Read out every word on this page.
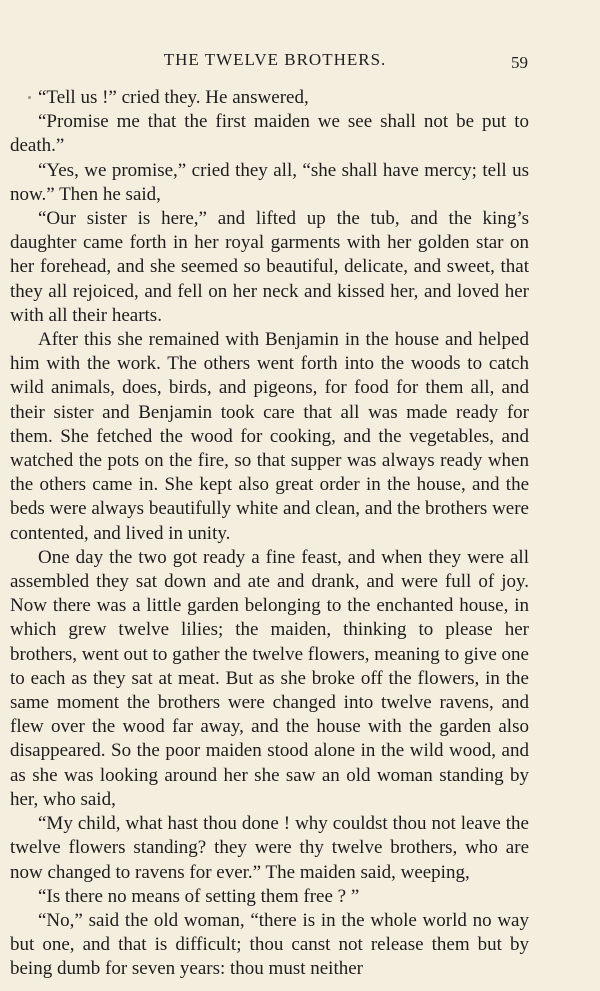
THE TWELVE BROTHERS.	59

“Tell us !” cried they. He answered,

“Promise me that the first maiden we see shall not be put to death.”

“Yes, we promise,” cried they all, “she shall have mercy; tell us now.” Then he said,

“Our sister is here,” and lifted up the tub, and the king’s daughter came forth in her royal garments with her golden star on her forehead, and she seemed so beautiful, delicate, and sweet, that they all rejoiced, and fell on her neck and kissed her, and loved her with all their hearts.

After this she remained with Benjamin in the house and helped him with the work. The others went forth into the woods to catch wild animals, does, birds, and pigeons, for food for them all, and their sister and Benjamin took care that all was made ready for them. She fetched the wood for cooking, and the vegetables, and watched the pots on the fire, so that supper was always ready when the others came in. She kept also great order in the house, and the beds were always beautifully white and clean, and the brothers were contented, and lived in unity.

One day the two got ready a fine feast, and when they were all assembled they sat down and ate and drank, and were full of joy. Now there was a little garden belonging to the enchanted house, in which grew twelve lilies; the maiden, thinking to please her brothers, went out to gather the twelve flowers, meaning to give one to each as they sat at meat. But as she broke off the flowers, in the same moment the brothers were changed into twelve ravens, and flew over the wood far away, and the house with the garden also disappeared. So the poor maiden stood alone in the wild wood, and as she was looking around her she saw an old woman standing by her, who said,

“My child, what hast thou done ! why couldst thou not leave the twelve flowers standing? they were thy twelve brothers, who are now changed to ravens for ever.” The maiden said, weeping,

“Is there no means of setting them free ? ”

“No,” said the old woman, “there is in the whole world no way but one, and that is difficult; thou canst not release them but by being dumb for seven years: thou must neither
